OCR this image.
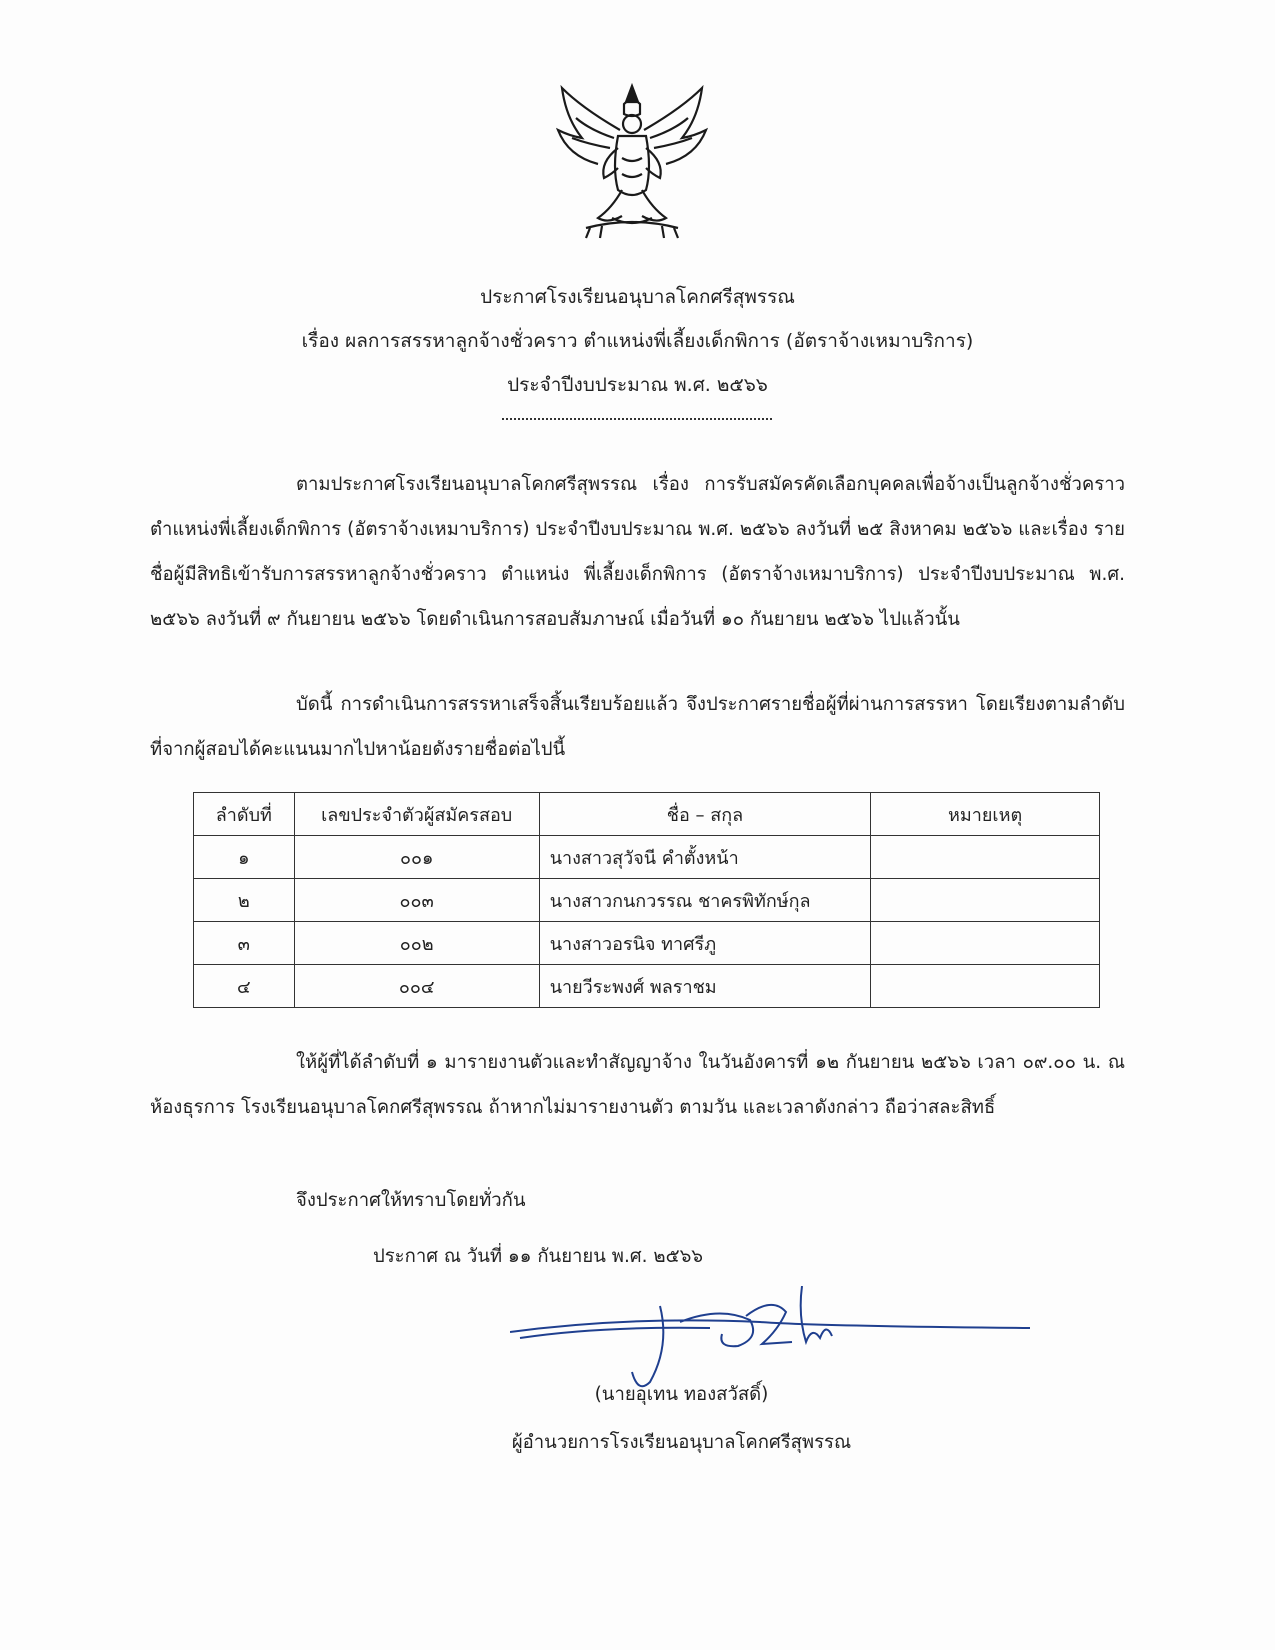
ประกาศโรงเรียนอนุบาลโคกศรีสุพรรณ
เรื่อง ผลการสรรหาลูกจ้างชั่วคราว ตำแหน่งพี่เลี้ยงเด็กพิการ (อัตราจ้างเหมาบริการ)
ประจำปีงบประมาณ พ.ศ. ๒๕๖๖
ตามประกาศโรงเรียนอนุบาลโคกศรีสุพรรณ เรื่อง การรับสมัครคัดเลือกบุคคลเพื่อจ้างเป็นลูกจ้างชั่วคราว ตำแหน่งพี่เลี้ยงเด็กพิการ (อัตราจ้างเหมาบริการ) ประจำปีงบประมาณ พ.ศ. ๒๕๖๖ ลงวันที่ ๒๕ สิงหาคม ๒๕๖๖ และเรื่อง รายชื่อผู้มีสิทธิเข้ารับการสรรหาลูกจ้างชั่วคราว ตำแหน่ง พี่เลี้ยงเด็กพิการ (อัตราจ้างเหมาบริการ) ประจำปีงบประมาณ พ.ศ. ๒๕๖๖ ลงวันที่ ๙ กันยายน ๒๕๖๖ โดยดำเนินการสอบสัมภาษณ์ เมื่อวันที่ ๑๐ กันยายน ๒๕๖๖ ไปแล้วนั้น
บัดนี้ การดำเนินการสรรหาเสร็จสิ้นเรียบร้อยแล้ว จึงประกาศรายชื่อผู้ที่ผ่านการสรรหา โดยเรียงตามลำดับที่จากผู้สอบได้คะแนนมากไปหาน้อยดังรายชื่อต่อไปนี้
ลำดับที่	เลขประจำตัวผู้สมัครสอบ	ชื่อ – สกุล	หมายเหตุ
๑	๐๐๑	นางสาวสุวัจนี คำตั้งหน้า	
๒	๐๐๓	นางสาวกนกวรรณ ชาครพิทักษ์กุล	
๓	๐๐๒	นางสาวอรนิจ ทาศรีภู	
๔	๐๐๔	นายวีระพงศ์ พลราชม	
ให้ผู้ที่ได้ลำดับที่ ๑ มารายงานตัวและทำสัญญาจ้าง ในวันอังคารที่ ๑๒ กันยายน ๒๕๖๖ เวลา ๐๙.๐๐ น. ณ ห้องธุรการ โรงเรียนอนุบาลโคกศรีสุพรรณ ถ้าหากไม่มารายงานตัว ตามวัน และเวลาดังกล่าว ถือว่าสละสิทธิ์
จึงประกาศให้ทราบโดยทั่วกัน
ประกาศ ณ วันที่ ๑๑ กันยายน พ.ศ. ๒๕๖๖
(นายอุเทน ทองสวัสดิ์)
ผู้อำนวยการโรงเรียนอนุบาลโคกศรีสุพรรณ
